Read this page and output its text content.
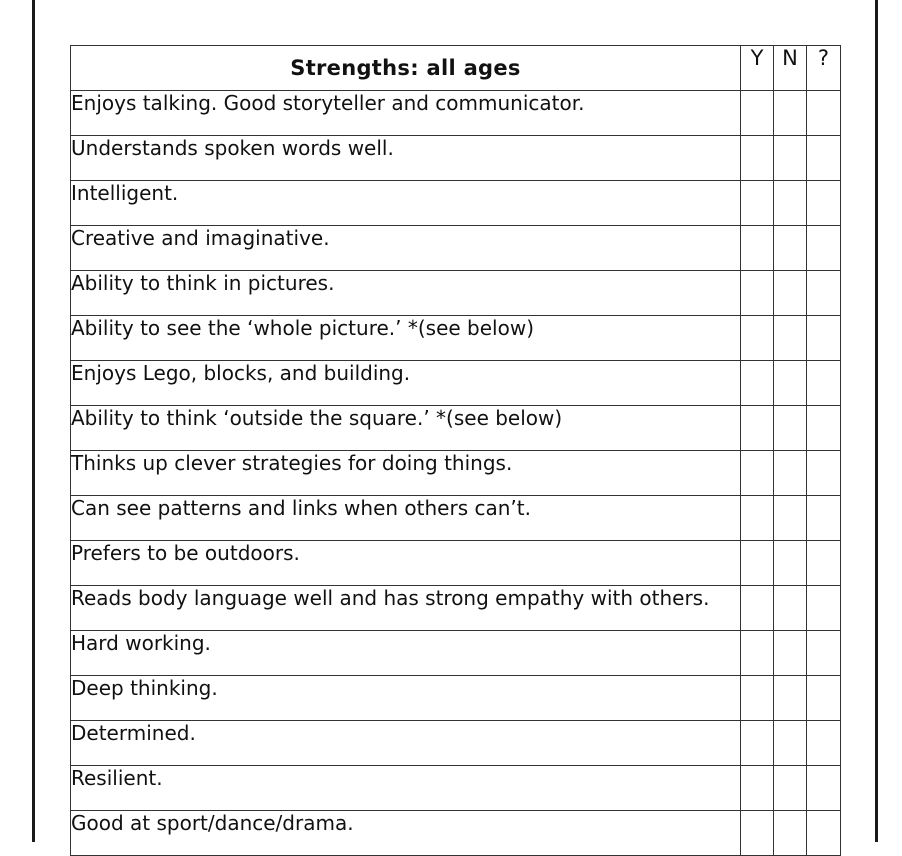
Strengths: all ages	Y	N	?
Enjoys talking. Good storyteller and communicator.			
Understands spoken words well.			
Intelligent.			
Creative and imaginative.			
Ability to think in pictures.			
Ability to see the ‘whole picture.’ *(see below)			
Enjoys Lego, blocks, and building.			
Ability to think ‘outside the square.’ *(see below)			
Thinks up clever strategies for doing things.			
Can see patterns and links when others can’t.			
Prefers to be outdoors.			
Reads body language well and has strong empathy with others.			
Hard working.			
Deep thinking.			
Determined.			
Resilient.			
Good at sport/dance/drama.			
